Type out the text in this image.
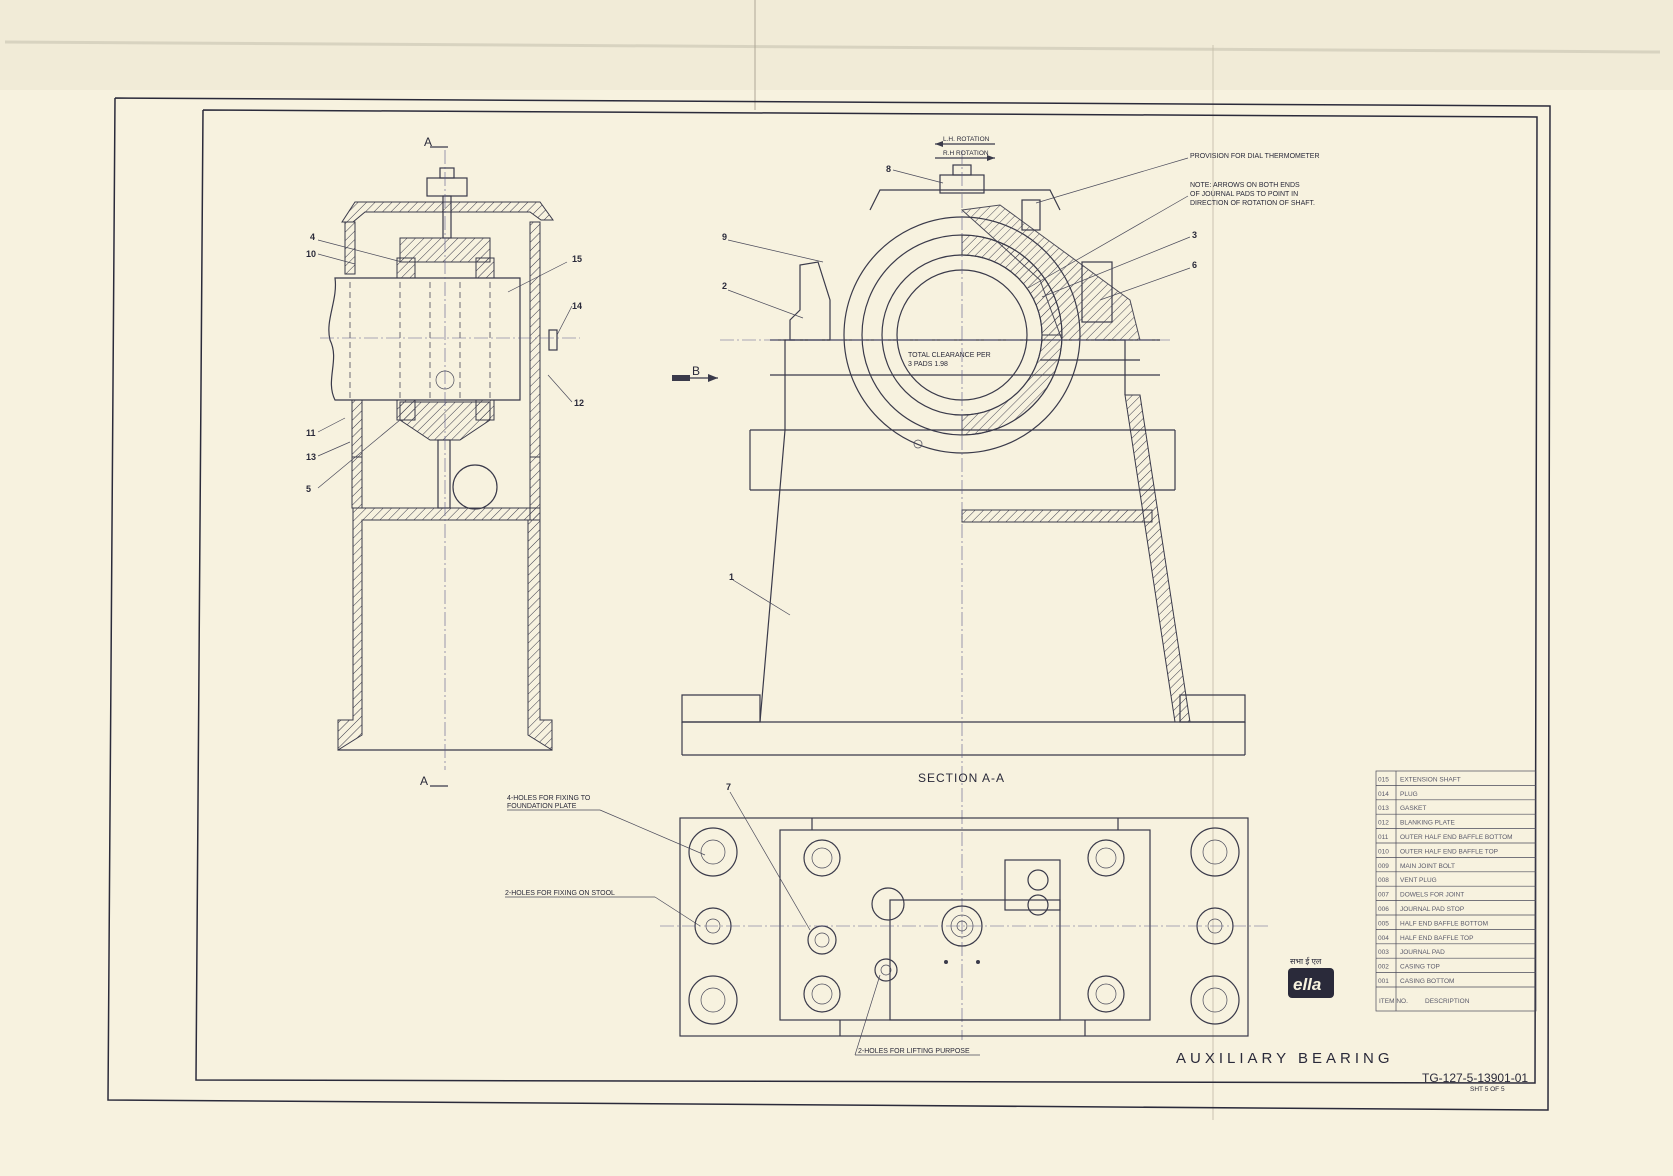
A
A
B
SECTION A-A
L.H. ROTATION
R.H ROTATION	PROVISION FOR DIAL THERMOMETER
NOTE: ARROWS ON BOTH ENDS
OF JOURNAL PADS TO POINT IN
DIRECTION OF ROTATION OF SHAFT.
TOTAL CLEARANCE PER
3 PADS 1.98
4-HOLES FOR FIXING TO
FOUNDATION PLATE
2-HOLES FOR FIXING ON STOOL
2-HOLES FOR LIFTING PURPOSE
4
10	15
14
12
11
13
5
8
9
2
3
6
1
7
015 EXTENSION SHAFT
014 PLUG
013 GASKET
012 BLANKING PLATE
011 OUTER HALF END BAFFLE BOTTOM
010 OUTER HALF END BAFFLE TOP
009 MAIN JOINT BOLT
008 VENT PLUG
007 DOWELS FOR JOINT
006 JOURNAL PAD STOP
005 HALF END BAFFLE BOTTOM
004 HALF END BAFFLE TOP
003 JOURNAL PAD
002 CASING TOP
001 CASING BOTTOM
ITEM NO.	DESCRIPTION
सभा ई एल
ella
AUXILIARY BEARING
TG-127-5-13901-01
SHT 5 OF 5
